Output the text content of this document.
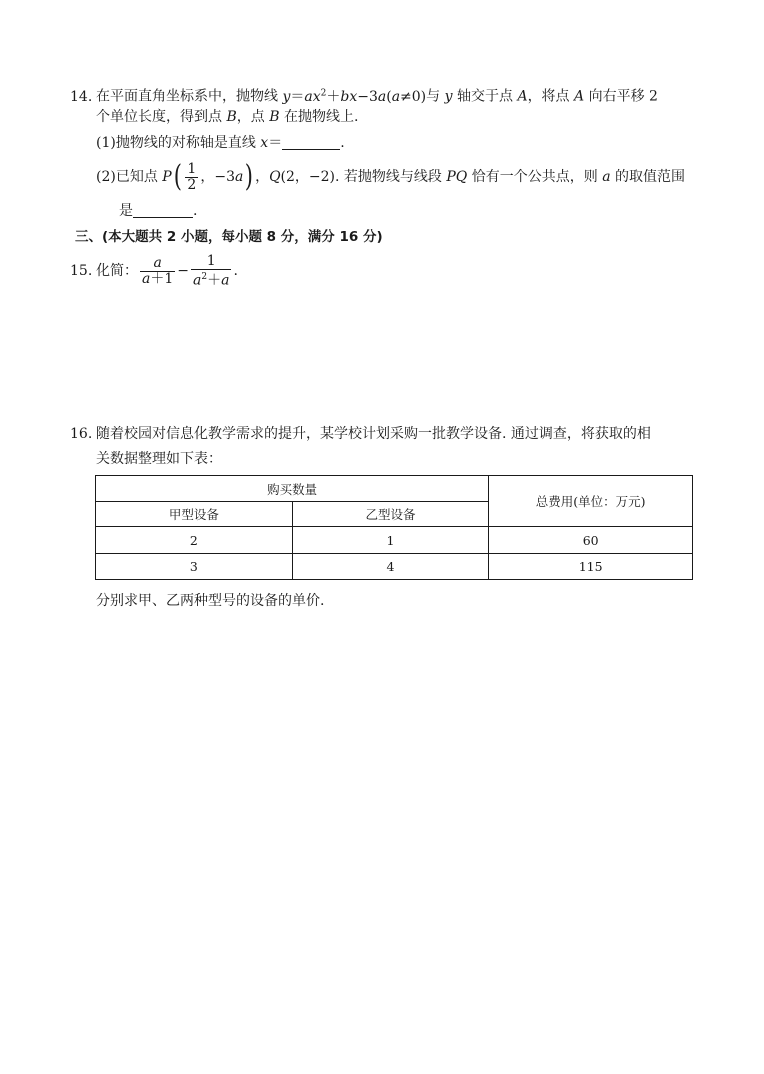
14. 在平面直角坐标系中，抛物线 $y=ax^2+bx-3a(a\ne 0)$与 y 轴交于点 A，将点 A 向右平移 2
个单位长度，得到点 B，点 B 在抛物线上.
(1)抛物线的对称轴是直线 x＝	.
(2)已知点 $P( \frac{1}{2}$ ，−3a) ，Q(2，−2). 若抛物线与线段 PQ 恰有一个公共点，则 a 的取值范围
是	.
三、(本大题共 2 小题，每小题 8 分，满分 16 分)
15. 化简： $\frac{a}{a+1} - \frac{1}{a^2+a}$ .
16. 随着校园对信息化教学需求的提升，某学校计划采购一批教学设备. 通过调查，将获取的相
关数据整理如下表：
购买数量		总费用(单位：万元)
甲型设备	乙型设备	
2	1	60
3	4	115
分别求甲、乙两种型号的设备的单价.
